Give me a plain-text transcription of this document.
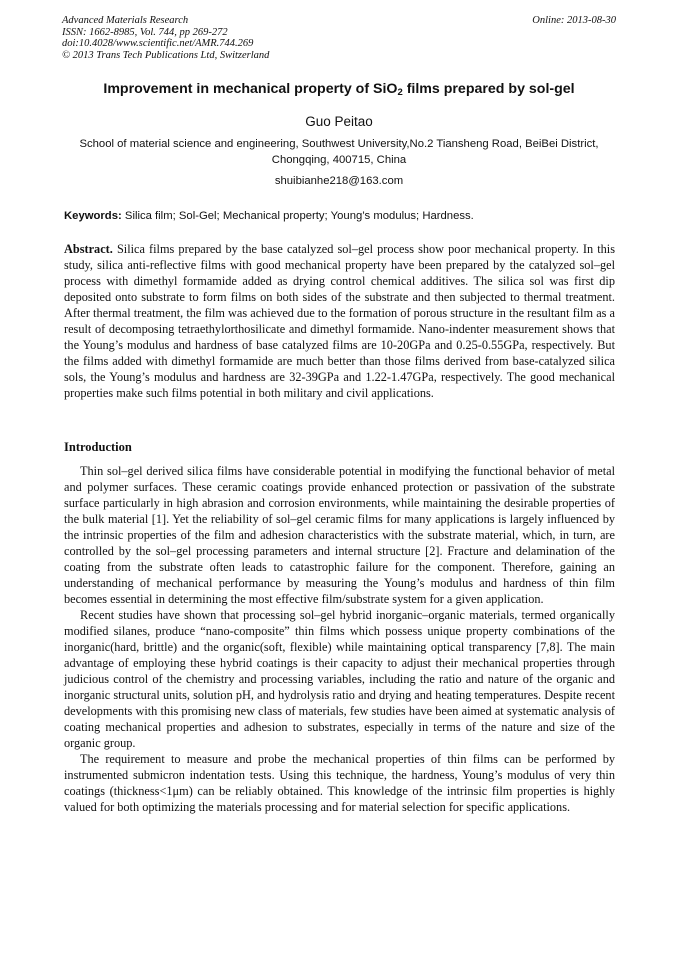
Advanced Materials Research
ISSN: 1662-8985, Vol. 744, pp 269-272
doi:10.4028/www.scientific.net/AMR.744.269
© 2013 Trans Tech Publications Ltd, Switzerland
Online: 2013-08-30
Improvement in mechanical property of SiO$_2$ films prepared by sol-gel
Guo Peitao
School of material science and engineering, Southwest University,No.2 Tiansheng Road, BeiBei District, Chongqing, 400715, China
shuibianhe218@163.com
Keywords: Silica film; Sol-Gel; Mechanical property; Young’s modulus; Hardness.
Abstract. Silica films prepared by the base catalyzed sol–gel process show poor mechanical property. In this study, silica anti-reflective films with good mechanical property have been prepared by the catalyzed sol–gel process with dimethyl formamide added as drying control chemical additives. The silica sol was first dip deposited onto substrate to form films on both sides of the substrate and then subjected to thermal treatment. After thermal treatment, the film was achieved due to the formation of porous structure in the resultant film as a result of decomposing tetraethylorthosilicate and dimethyl formamide. Nano-indenter measurement shows that the Young’s modulus and hardness of base catalyzed films are 10-20GPa and 0.25-0.55GPa, respectively. But the films added with dimethyl formamide are much better than those films derived from base-catalyzed silica sols, the Young’s modulus and hardness are 32-39GPa and 1.22-1.47GPa, respectively. The good mechanical properties make such films potential in both military and civil applications.
Introduction

Thin sol–gel derived silica films have considerable potential in modifying the functional behavior of metal and polymer surfaces. These ceramic coatings provide enhanced protection or passivation of the substrate surface particularly in high abrasion and corrosion environments, while maintaining the desirable properties of the bulk material [1]. Yet the reliability of sol–gel ceramic films for many applications is largely influenced by the intrinsic properties of the film and adhesion characteristics with the substrate material, which, in turn, are controlled by the sol–gel processing parameters and internal structure [2]. Fracture and delamination of the coating from the substrate often leads to catastrophic failure for the component. Therefore, gaining an understanding of mechanical performance by measuring the Young’s modulus and hardness of thin film becomes essential in determining the most effective film/substrate system for a given application.

Recent studies have shown that processing sol–gel hybrid inorganic–organic materials, termed organically modified silanes, produce “nano-composite” thin films which possess unique property combinations of the inorganic(hard, brittle) and the organic(soft, flexible) while maintaining optical transparency [7,8]. The main advantage of employing these hybrid coatings is their capacity to adjust their mechanical properties through judicious control of the chemistry and processing variables, including the ratio and nature of the organic and inorganic structural units, solution pH, and hydrolysis ratio and drying and heating temperatures. Despite recent developments with this promising new class of materials, few studies have been aimed at systematic analysis of coating mechanical properties and adhesion to substrates, especially in terms of the nature and size of the organic group.

The requirement to measure and probe the mechanical properties of thin films can be performed by instrumented submicron indentation tests. Using this technique, the hardness, Young’s modulus of very thin coatings (thickness<1μm) can be reliably obtained. This knowledge of the intrinsic film properties is highly valued for both optimizing the materials processing and for material selection for specific applications.
